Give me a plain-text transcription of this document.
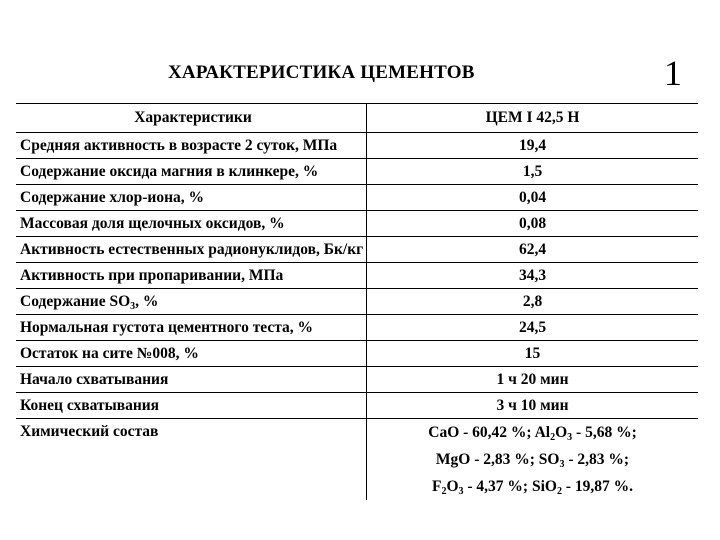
ХАРАКТЕРИСТИКА ЦЕМЕНТОВ	1
Характеристики	ЦЕМ I 42,5 Н
Средняя активность в возрасте 2 суток, МПа	19,4
Содержание оксида магния в клинкере, %	1,5
Содержание хлор-иона, %	0,04
Массовая доля щелочных оксидов, %	0,08
Активность естественных радионуклидов, Бк/кг	62,4
Активность при пропаривании, МПа	34,3
Содержание $SO_3$, %	2,8
Нормальная густота цементного теста, %	24,5
Остаток на сите №008, %	15
Начало схватывания	1 ч 20 мин
Конец схватывания	3 ч 10 мин
Химический состав	CaO - 60,42 %; $Al_2O_3 - 5,68$ %;
MgO - 2,83 %; $SO_3 - 2,83$ %;
$F_2O_3 - 4,37$ %; SiO$_2$ - 19,87 %.
